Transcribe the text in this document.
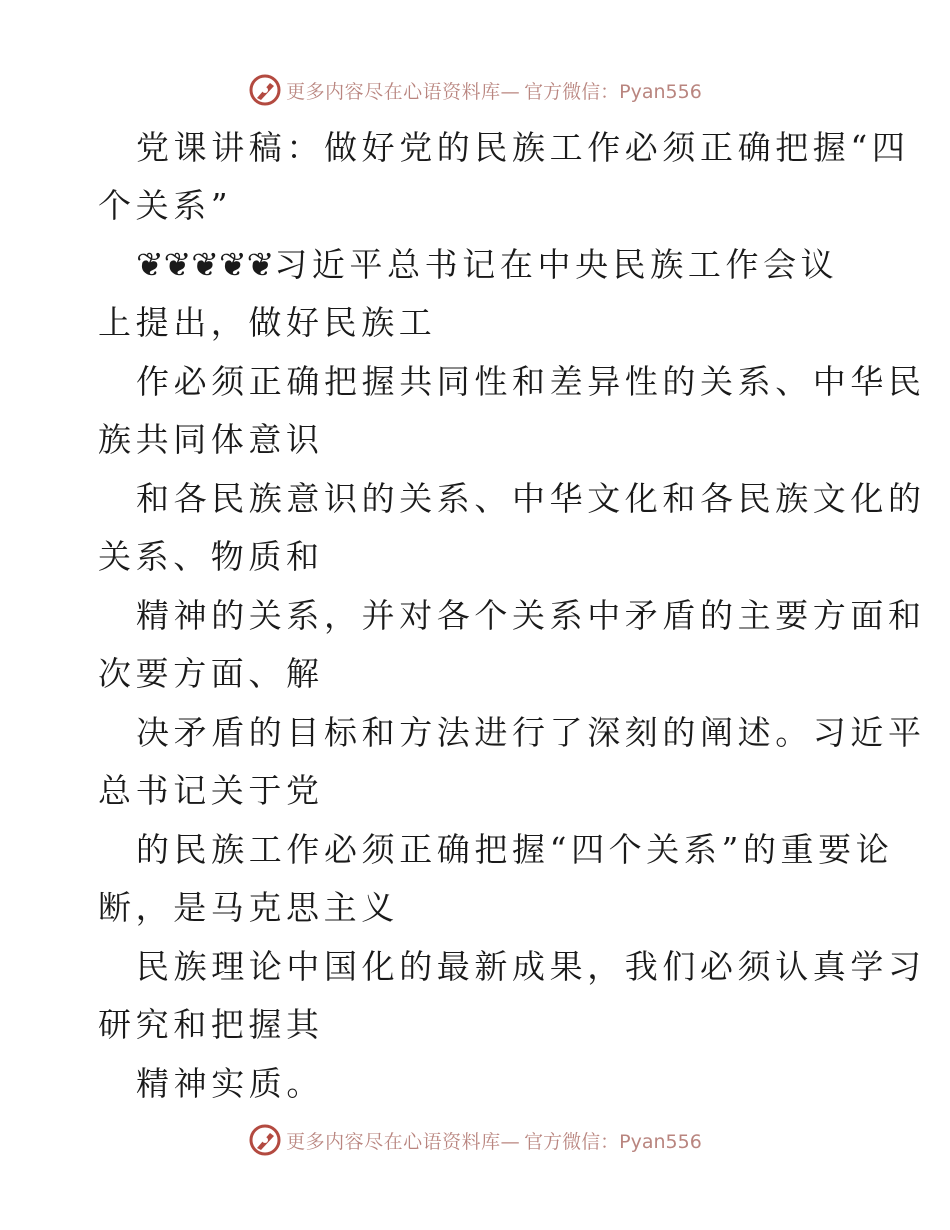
更多内容尽在心语资料库— 官方微信：Pyan556
党课讲稿：做好党的民族工作必须正确把握“四
个关系”
❦❦❦❦❦习近平总书记在中央民族工作会议
上提出，做好民族工
作必须正确把握共同性和差异性的关系、中华民
族共同体意识
和各民族意识的关系、中华文化和各民族文化的
关系、物质和
精神的关系，并对各个关系中矛盾的主要方面和
次要方面、解
决矛盾的目标和方法进行了深刻的阐述。习近平
总书记关于党
的民族工作必须正确把握“四个关系”的重要论
断，是马克思主义
民族理论中国化的最新成果，我们必须认真学习
研究和把握其
精神实质。
更多内容尽在心语资料库— 官方微信：Pyan556
